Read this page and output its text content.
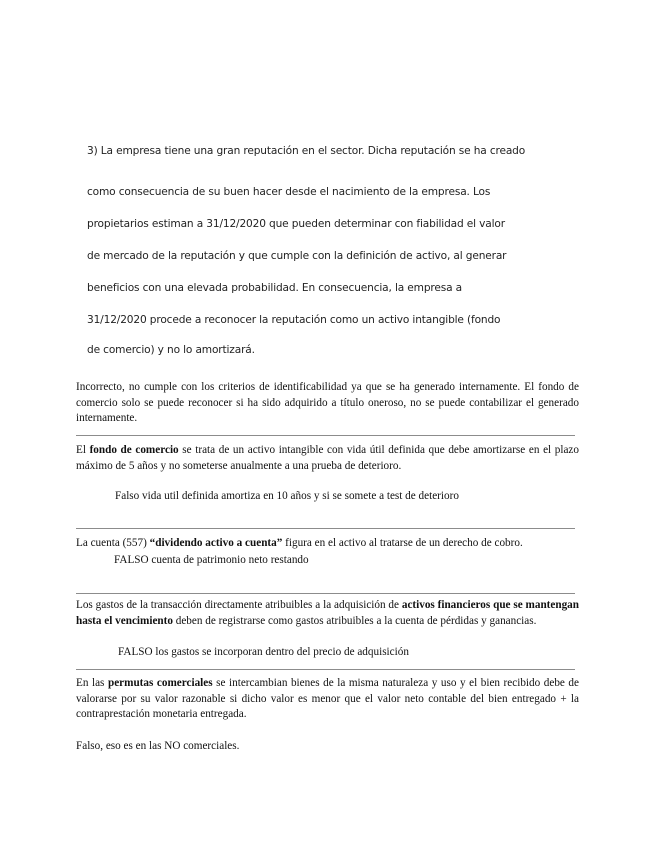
3) La empresa tiene una gran reputación en el sector. Dicha reputación se ha creado
como consecuencia de su buen hacer desde el nacimiento de la empresa. Los
propietarios estiman a 31/12/2020 que pueden determinar con fiabilidad el valor
de mercado de la reputación y que cumple con la definición de activo, al generar
beneficios con una elevada probabilidad. En consecuencia, la empresa a
31/12/2020 procede a reconocer la reputación como un activo intangible (fondo
de comercio) y no lo amortizará.
Incorrecto, no cumple con los criterios de identificabilidad ya que se ha generado internamente. El fondo de comercio solo se puede reconocer si ha sido adquirido a título oneroso, no se puede contabilizar el generado internamente.
El fondo de comercio se trata de un activo intangible con vida útil definida que debe amortizarse en el plazo máximo de 5 años y no someterse anualmente a una prueba de deterioro.
Falso vida util definida amortiza en 10 años y si se somete a test de deterioro
La cuenta (557) “dividendo activo a cuenta” figura en el activo al tratarse de un derecho de cobro.
FALSO cuenta de patrimonio neto restando
Los gastos de la transacción directamente atribuibles a la adquisición de activos financieros que se mantengan hasta el vencimiento deben de registrarse como gastos atribuibles a la cuenta de pérdidas y ganancias.
FALSO los gastos se incorporan dentro del precio de adquisición
En las permutas comerciales se intercambian bienes de la misma naturaleza y uso y el bien recibido debe de valorarse por su valor razonable si dicho valor es menor que el valor neto contable del bien entregado + la contraprestación monetaria entregada.
Falso, eso es en las NO comerciales.
